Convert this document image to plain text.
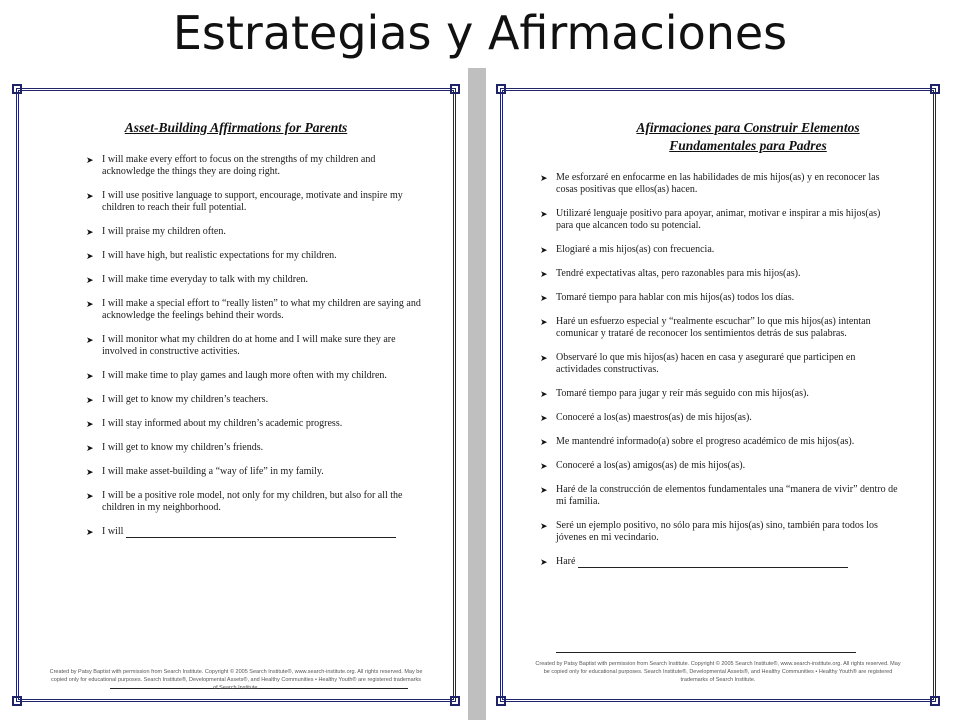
Estrategias y Afirmaciones
Asset-Building Affirmations for Parents
➤ I will make every effort to focus on the strengths of my children and acknowledge the things they are doing right.
➤ I will use positive language to support, encourage, motivate and inspire my children to reach their full potential.
➤ I will praise my children often.
➤ I will have high, but realistic expectations for my children.
➤ I will make time everyday to talk with my children.
➤ I will make a special effort to “really listen” to what my children are saying and acknowledge the feelings behind their words.
➤ I will monitor what my children do at home and I will make sure they are involved in constructive activities.
➤ I will make time to play games and laugh more often with my children.
➤ I will get to know my children’s teachers.
➤ I will stay informed about my children’s academic progress.
➤ I will get to know my children’s friends.
➤ I will make asset-building a “way of life” in my family.
➤ I will be a positive role model, not only for my children, but also for all the children in my neighborhood.
➤ I will
Created by Patsy Baptist with permission from Search Institute. Copyright © 2005 Search Institute®, www.search-institute.org. All rights reserved. May be copied only for educational purposes. Search Institute®, Developmental Assets®, and Healthy Communities • Healthy Youth® are registered trademarks of Search Institute.
Afirmaciones para Construir Elementos
Fundamentales para Padres
➤ Me esforzaré en enfocarme en las habilidades de mis hijos(as) y en reconocer las cosas positivas que ellos(as) hacen.
➤ Utilizaré lenguaje positivo para apoyar, animar, motivar e inspirar a mis hijos(as) para que alcancen todo su potencial.
➤ Elogiaré a mis hijos(as) con frecuencia.
➤ Tendré expectativas altas, pero razonables para mis hijos(as).
➤ Tomaré tiempo para hablar con mis hijos(as) todos los días.
➤ Haré un esfuerzo especial y “realmente escuchar” lo que mis hijos(as) intentan comunicar y trataré de reconocer los sentimientos detrás de sus palabras.
➤ Observaré lo que mis hijos(as) hacen en casa y aseguraré que participen en actividades constructivas.
➤ Tomaré tiempo para jugar y reír más seguido con mis hijos(as).
➤ Conoceré a los(as) maestros(as) de mis hijos(as).
➤ Me mantendré informado(a) sobre el progreso académico de mis hijos(as).
➤ Conoceré a los(as) amigos(as) de mis hijos(as).
➤ Haré de la construcción de elementos fundamentales una “manera de vivir” dentro de mi familia.
➤ Seré un ejemplo positivo, no sólo para mis hijos(as) sino, también para todos los jóvenes en mi vecindario.
➤ Haré
Created by Patsy Baptist with permission from Search Institute. Copyright © 2005 Search Institute®, www.search-institute.org. All rights reserved. May be copied only for educational purposes. Search Institute®, Developmental Assets®, and Healthy Communities • Healthy Youth® are registered trademarks of Search Institute.
